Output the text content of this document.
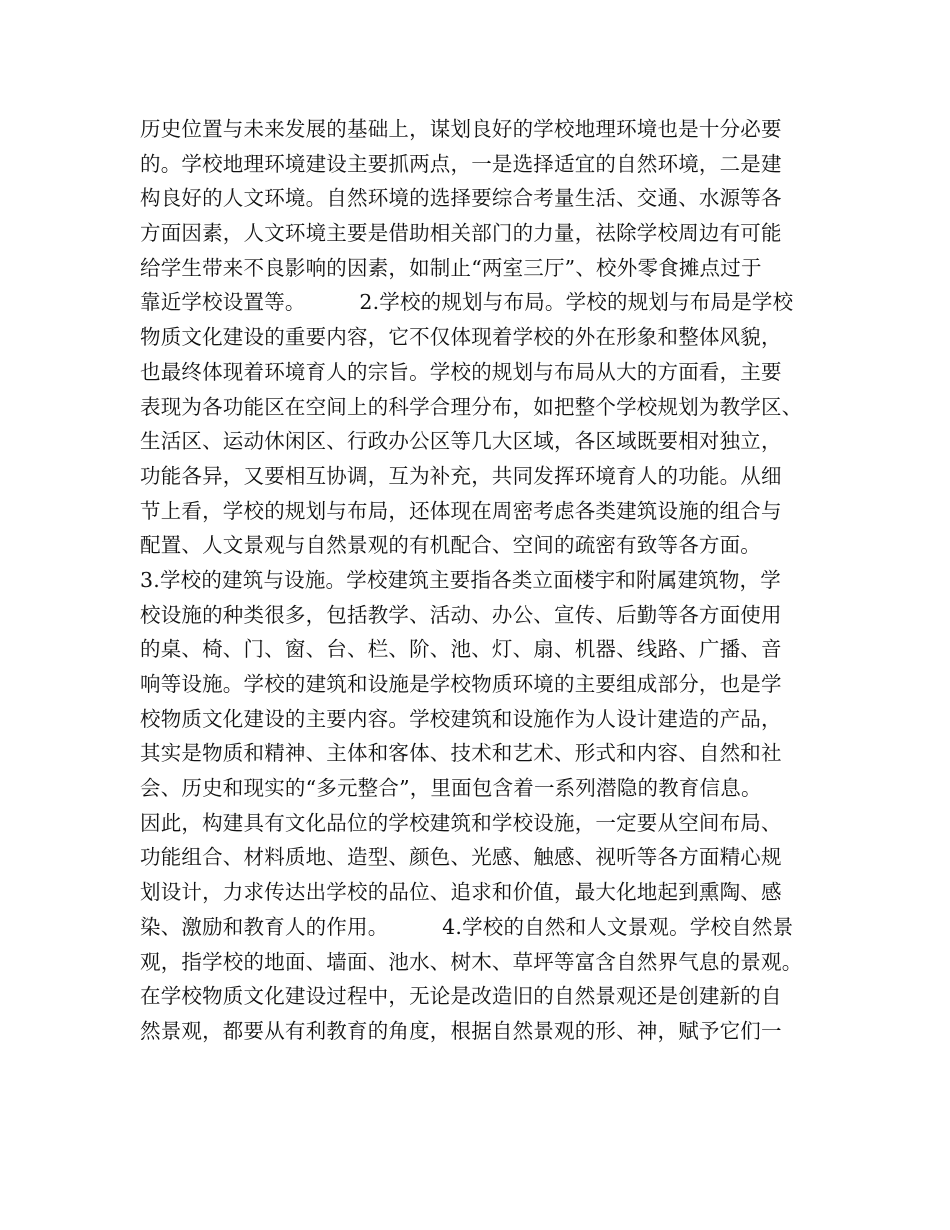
历史位置与未来发展的基础上，谋划良好的学校地理环境也是十分必要
的。学校地理环境建设主要抓两点，一是选择适宜的自然环境，二是建
构良好的人文环境。自然环境的选择要综合考量生活、交通、水源等各
方面因素，人文环境主要是借助相关部门的力量，祛除学校周边有可能
给学生带来不良影响的因素，如制止“两室三厅”、校外零食摊点过于
靠近学校设置等。        2.学校的规划与布局。学校的规划与布局是学校
物质文化建设的重要内容，它不仅体现着学校的外在形象和整体风貌，
也最终体现着环境育人的宗旨。学校的规划与布局从大的方面看，主要
表现为各功能区在空间上的科学合理分布，如把整个学校规划为教学区、
生活区、运动休闲区、行政办公区等几大区域，各区域既要相对独立，
功能各异，又要相互协调，互为补充，共同发挥环境育人的功能。从细
节上看，学校的规划与布局，还体现在周密考虑各类建筑设施的组合与
配置、人文景观与自然景观的有机配合、空间的疏密有致等各方面。
3.学校的建筑与设施。学校建筑主要指各类立面楼宇和附属建筑物，学
校设施的种类很多，包括教学、活动、办公、宣传、后勤等各方面使用
的桌、椅、门、窗、台、栏、阶、池、灯、扇、机器、线路、广播、音
响等设施。学校的建筑和设施是学校物质环境的主要组成部分，也是学
校物质文化建设的主要内容。学校建筑和设施作为人设计建造的产品，
其实是物质和精神、主体和客体、技术和艺术、形式和内容、自然和社
会、历史和现实的“多元整合”，里面包含着一系列潜隐的教育信息。
因此，构建具有文化品位的学校建筑和学校设施，一定要从空间布局、
功能组合、材料质地、造型、颜色、光感、触感、视听等各方面精心规
划设计，力求传达出学校的品位、追求和价值，最大化地起到熏陶、感
染、激励和教育人的作用。        4.学校的自然和人文景观。学校自然景
观，指学校的地面、墙面、池水、树木、草坪等富含自然界气息的景观。
在学校物质文化建设过程中，无论是改造旧的自然景观还是创建新的自
然景观，都要从有利教育的角度，根据自然景观的形、神，赋予它们一
